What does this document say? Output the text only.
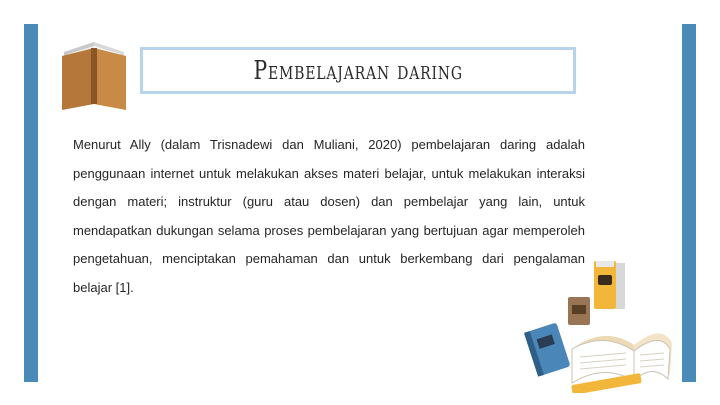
Pembelajaran daring

Menurut Ally (dalam Trisnadewi dan Muliani, 2020) pembelajaran daring adalah penggunaan internet untuk melakukan akses materi belajar, untuk melakukan interaksi dengan materi; instruktur (guru atau dosen) dan pembelajar yang lain, untuk mendapatkan dukungan selama proses pembelajaran yang bertujuan agar memperoleh pengetahuan, menciptakan pemahaman dan untuk berkembang dari pengalaman belajar [1].
